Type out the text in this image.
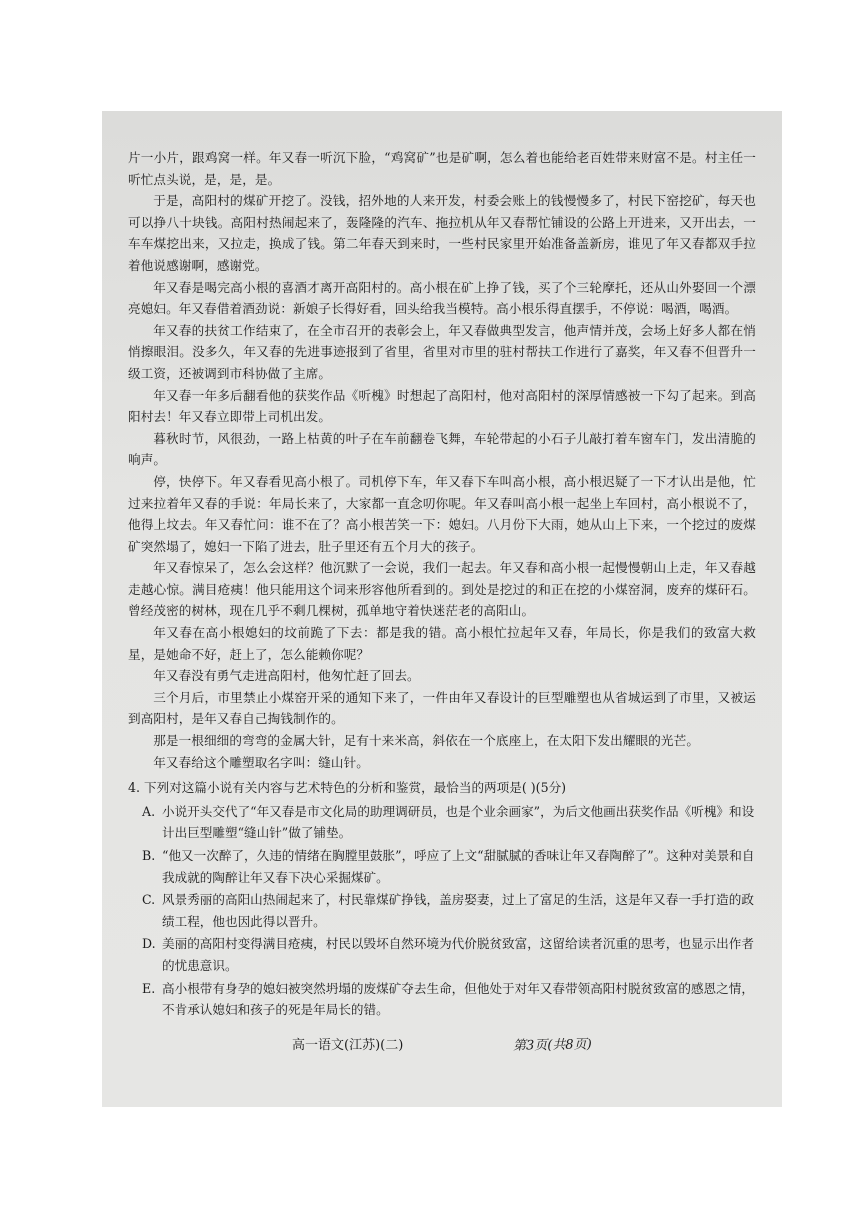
片一小片，跟鸡窝一样。年又春一听沉下脸，“鸡窝矿”也是矿啊，怎么着也能给老百姓带来财富不是。村主任一听忙点头说，是，是，是。

于是，高阳村的煤矿开挖了。没钱，招外地的人来开发，村委会账上的钱慢慢多了，村民下窑挖矿，每天也可以挣八十块钱。高阳村热闹起来了，轰隆隆的汽车、拖拉机从年又春帮忙铺设的公路上开进来，又开出去，一车车煤挖出来，又拉走，换成了钱。第二年春天到来时，一些村民家里开始准备盖新房，谁见了年又春都双手拉着他说感谢啊，感谢党。

年又春是喝完高小根的喜酒才离开高阳村的。高小根在矿上挣了钱，买了个三轮摩托，还从山外娶回一个漂亮媳妇。年又春借着酒劲说：新娘子长得好看，回头给我当模特。高小根乐得直摆手，不停说：喝酒，喝酒。

年又春的扶贫工作结束了，在全市召开的表彰会上，年又春做典型发言，他声情并茂，会场上好多人都在悄悄擦眼泪。没多久，年又春的先进事迹报到了省里，省里对市里的驻村帮扶工作进行了嘉奖，年又春不但晋升一级工资，还被调到市科协做了主席。

年又春一年多后翻看他的获奖作品《听槐》时想起了高阳村，他对高阳村的深厚情感被一下勾了起来。到高阳村去！年又春立即带上司机出发。

暮秋时节，风很劲，一路上枯黄的叶子在车前翻卷飞舞，车轮带起的小石子儿敲打着车窗车门，发出清脆的响声。

停，快停下。年又春看见高小根了。司机停下车，年又春下车叫高小根，高小根迟疑了一下才认出是他，忙过来拉着年又春的手说：年局长来了，大家都一直念叨你呢。年又春叫高小根一起坐上车回村，高小根说不了，他得上坟去。年又春忙问：谁不在了？高小根苦笑一下：媳妇。八月份下大雨，她从山上下来，一个挖过的废煤矿突然塌了，媳妇一下陷了进去，肚子里还有五个月大的孩子。

年又春惊呆了，怎么会这样？他沉默了一会说，我们一起去。年又春和高小根一起慢慢朝山上走，年又春越走越心惊。满目疮痍！他只能用这个词来形容他所看到的。到处是挖过的和正在挖的小煤窑洞，废弃的煤矸石。曾经茂密的树林，现在几乎不剩几棵树，孤单地守着快迷茫老的高阳山。

年又春在高小根媳妇的坟前跪了下去：都是我的错。高小根忙拉起年又春，年局长，你是我们的致富大救星，是她命不好，赶上了，怎么能赖你呢？

年又春没有勇气走进高阳村，他匆忙赶了回去。

三个月后，市里禁止小煤窑开采的通知下来了，一件由年又春设计的巨型雕塑也从省城运到了市里，又被运到高阳村，是年又春自己掏钱制作的。

那是一根细细的弯弯的金属大针，足有十来米高，斜依在一个底座上，在太阳下发出耀眼的光芒。

年又春给这个雕塑取名字叫：缝山针。

4. 下列对这篇小说有关内容与艺术特色的分析和鉴赏，最恰当的两项是( )(5分)

A. 小说开头交代了“年又春是市文化局的助理调研员，也是个业余画家”，为后文他画出获奖作品《听槐》和设计出巨型雕塑“缝山针”做了铺垫。
B. “他又一次醉了，久违的情绪在胸膛里鼓胀”，呼应了上文“甜腻腻的香味让年又春陶醉了”。这种对美景和自我成就的陶醉让年又春下决心采掘煤矿。
C. 风景秀丽的高阳山热闹起来了，村民靠煤矿挣钱，盖房娶妻，过上了富足的生活，这是年又春一手打造的政绩工程，他也因此得以晋升。
D. 美丽的高阳村变得满目疮痍，村民以毁坏自然环境为代价脱贫致富，这留给读者沉重的思考，也显示出作者的忧患意识。
E. 高小根带有身孕的媳妇被突然坍塌的废煤矿夺去生命，但他处于对年又春带领高阳村脱贫致富的感恩之情，不肯承认媳妇和孩子的死是年局长的错。
高一语文(江苏)(二)	第3页(共8页)
